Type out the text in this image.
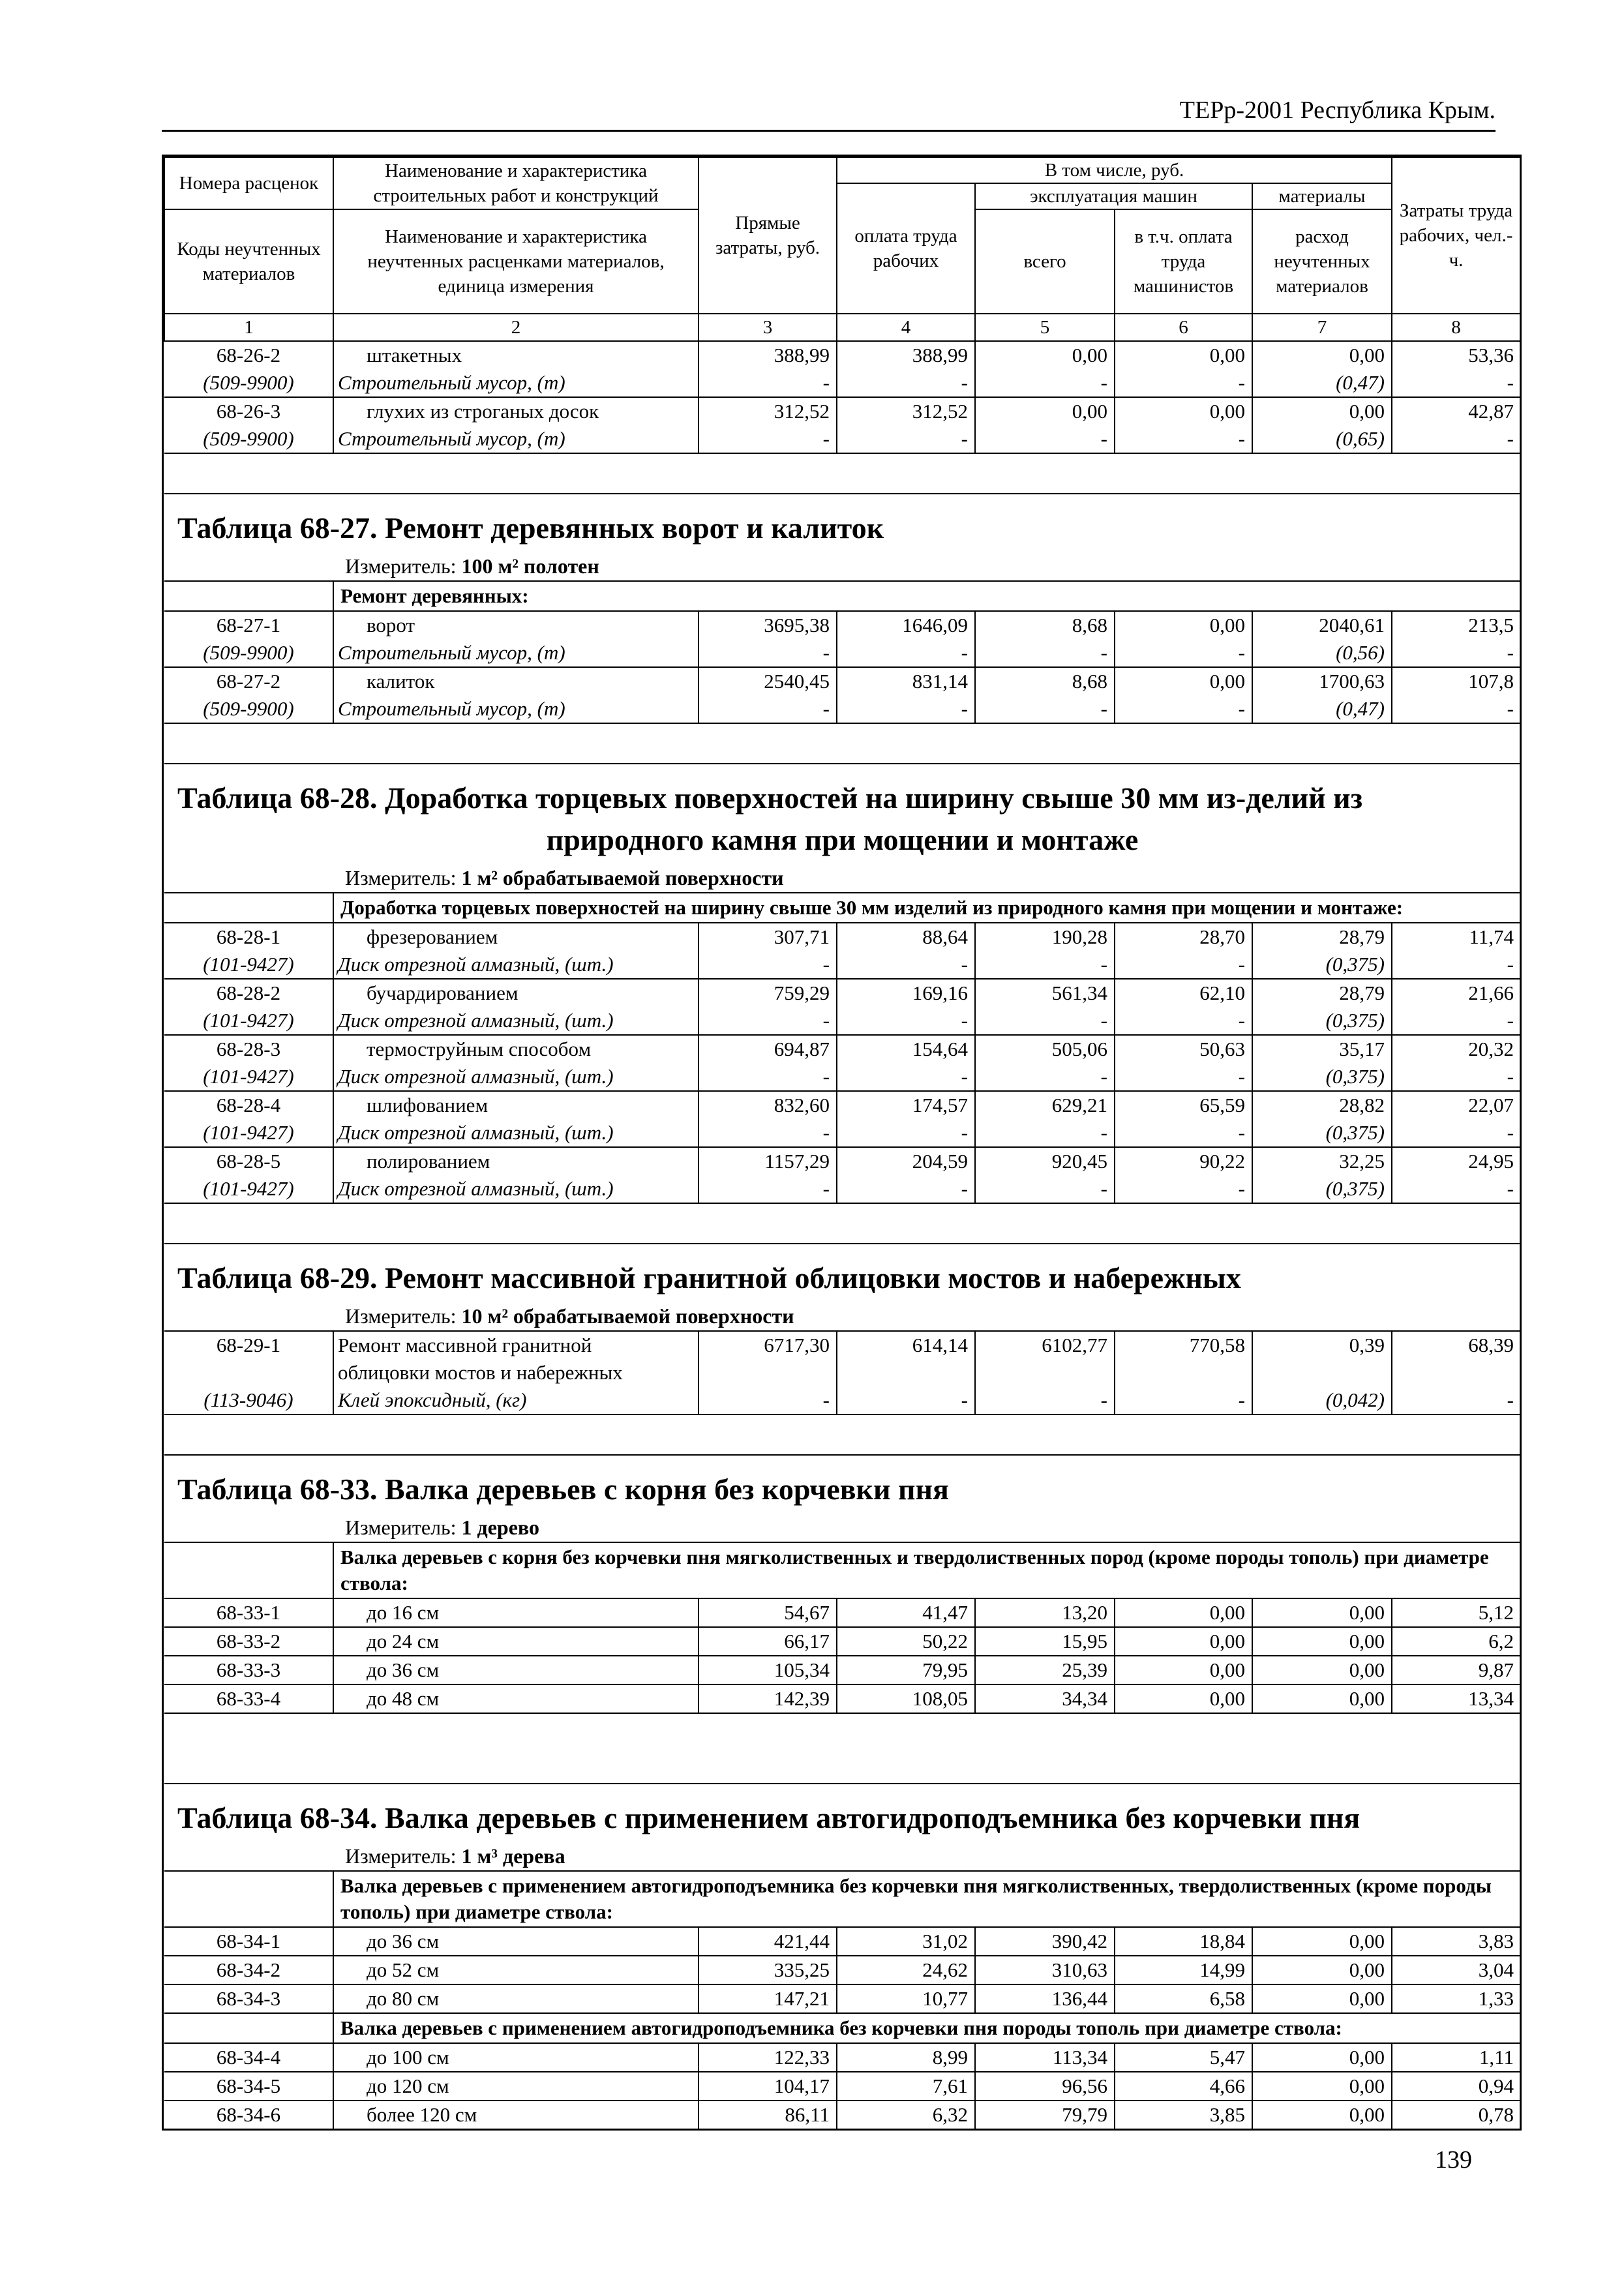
ТЕРр-2001 Республика Крым.
Номера расценок	Наименование и характеристика строительных работ и конструкций	Прямые затраты, руб.	В том числе, руб.				Затраты труда рабочих, чел.-ч.
			оплата труда рабочих	эксплуатация машин		материалы	
Коды неучтенных материалов	Наименование и характеристика неучтенных расценками материалов, единица измерения			всего	в т.ч. оплата труда машинистов	расход неучтенных материалов	

1	2	3	4	5	6	7	8
68-26-2	штакетных	388,99	388,99	0,00	0,00	0,00	53,36
(509-9900)	Строительный мусор, (т)	-	-	-	-	(0,47)	-
68-26-3	глухих из строганых досок	312,52	312,52	0,00	0,00	0,00	42,87
(509-9900)	Строительный мусор, (т)	-	-	-	-	(0,65)	-

Таблица 68-27. Ремонт деревянных ворот и калиток							
Измеритель: 100 м² полотен							
	Ремонт деревянных:						
68-27-1	ворот	3695,38	1646,09	8,68	0,00	2040,61	213,5
(509-9900)	Строительный мусор, (т)	-	-	-	-	(0,56)	-
68-27-2	калиток	2540,45	831,14	8,68	0,00	1700,63	107,8
(509-9900)	Строительный мусор, (т)	-	-	-	-	(0,47)	-

Таблица 68-28. Доработка торцевых поверхностей на ширину свыше 30 мм из-делий из							
природного камня при мощении и монтаже							
Измеритель: 1 м² обрабатываемой поверхности							
	Доработка торцевых поверхностей на ширину свыше 30 мм изделий из природного камня при мощении и монтаже:						
68-28-1	фрезерованием	307,71	88,64	190,28	28,70	28,79	11,74
(101-9427)	Диск отрезной алмазный, (шт.)	-	-	-	-	(0,375)	-
68-28-2	бучардированием	759,29	169,16	561,34	62,10	28,79	21,66
(101-9427)	Диск отрезной алмазный, (шт.)	-	-	-	-	(0,375)	-
68-28-3	термоструйным способом	694,87	154,64	505,06	50,63	35,17	20,32
(101-9427)	Диск отрезной алмазный, (шт.)	-	-	-	-	(0,375)	-
68-28-4	шлифованием	832,60	174,57	629,21	65,59	28,82	22,07
(101-9427)	Диск отрезной алмазный, (шт.)	-	-	-	-	(0,375)	-
68-28-5	полированием	1157,29	204,59	920,45	90,22	32,25	24,95
(101-9427)	Диск отрезной алмазный, (шт.)	-	-	-	-	(0,375)	-

Таблица 68-29. Ремонт массивной гранитной облицовки мостов и набережных							
Измеритель: 10 м² обрабатываемой поверхности							
68-29-1	Ремонт массивной гранитной	6717,30	614,14	6102,77	770,58	0,39	68,39
	облицовки мостов и набережных						
(113-9046)	Клей эпоксидный, (кг)	-	-	-	-	(0,042)	-

Таблица 68-33. Валка деревьев с корня без корчевки пня							
Измеритель: 1 дерево							
	Валка деревьев с корня без корчевки пня мягколиственных и твердолиственных пород (кроме породы тополь) при диаметре ствола:						
68-33-1	до 16 см	54,67	41,47	13,20	0,00	0,00	5,12
68-33-2	до 24 см	66,17	50,22	15,95	0,00	0,00	6,2
68-33-3	до 36 см	105,34	79,95	25,39	0,00	0,00	9,87
68-33-4	до 48 см	142,39	108,05	34,34	0,00	0,00	13,34

Таблица 68-34. Валка деревьев с применением автогидроподъемника без корчевки пня							
Измеритель: 1 м³ дерева							
	Валка деревьев с применением автогидроподъемника без корчевки пня мягколиственных, твердолиственных (кроме породы тополь) при диаметре ствола:						
68-34-1	до 36 см	421,44	31,02	390,42	18,84	0,00	3,83
68-34-2	до 52 см	335,25	24,62	310,63	14,99	0,00	3,04
68-34-3	до 80 см	147,21	10,77	136,44	6,58	0,00	1,33
	Валка деревьев с применением автогидроподъемника без корчевки пня породы тополь при диаметре ствола:						
68-34-4	до 100 см	122,33	8,99	113,34	5,47	0,00	1,11
68-34-5	до 120 см	104,17	7,61	96,56	4,66	0,00	0,94
68-34-6	более 120 см	86,11	6,32	79,79	3,85	0,00	0,78
139
